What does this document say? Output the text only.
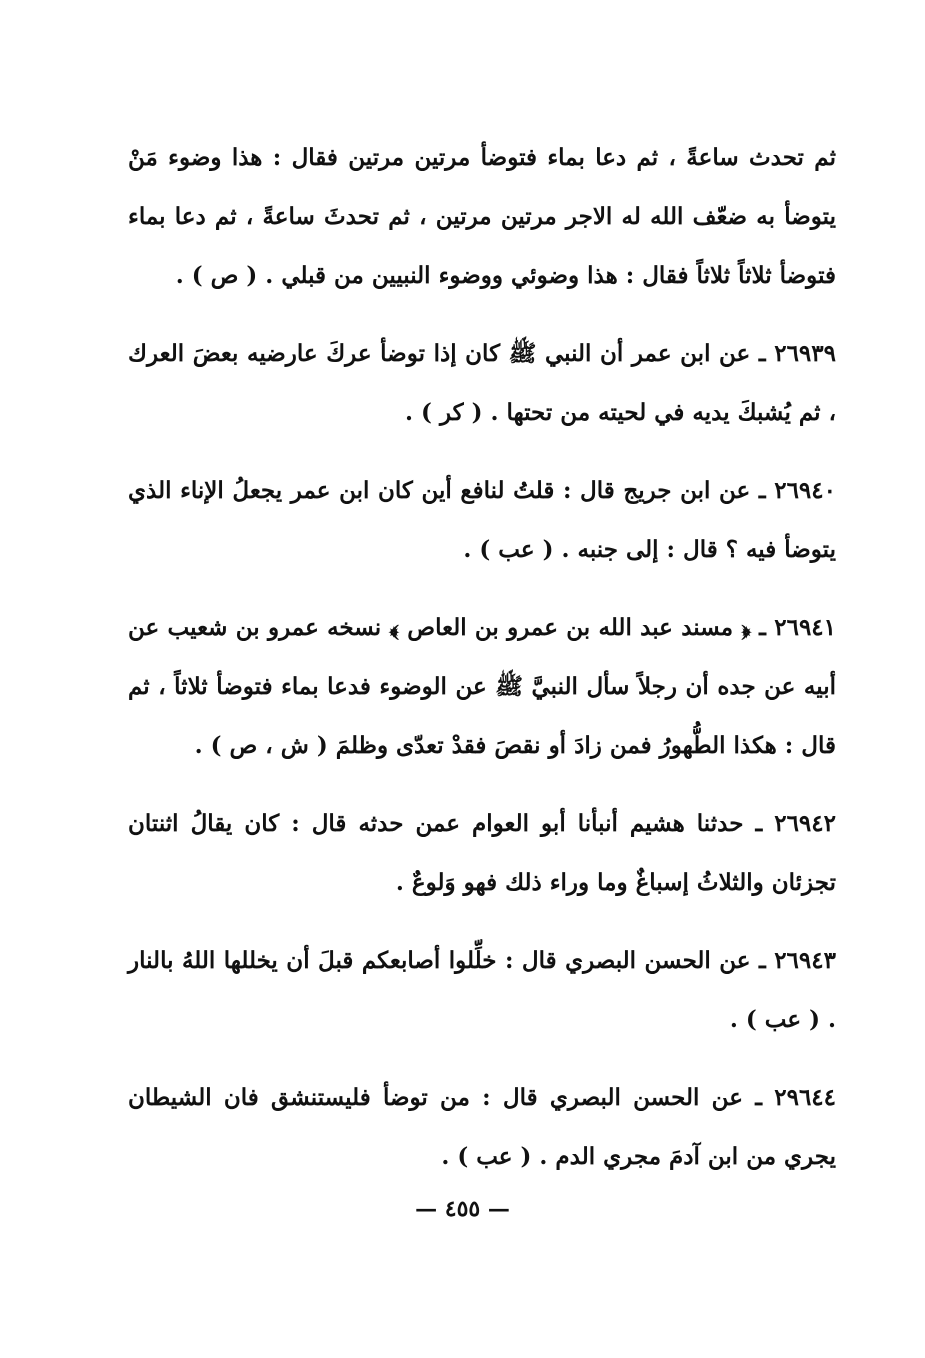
ثم تحدث ساعةً ، ثم دعا بماء فتوضأ مرتين مرتين فقال : هذا وضوء مَنْ يتوضأ به ضعّف الله له الاجر مرتين مرتين ، ثم تحدثَ ساعةً ، ثم دعا بماء فتوضأ ثلاثاً ثلاثاً فقال : هذا وضوئي ووضوء النبيين من قبلي . ( ص ) .

٢٦٩٣٩ ـ عن ابن عمر أن النبي ﷺ كان إذا توضأ عركَ عارضيه بعضَ العرك ، ثم يُشبكَ يديه في لحيته من تحتها . ( كر ) .

٢٦٩٤٠ ـ عن ابن جريج قال : قلتُ لنافع أين كان ابن عمر يجعلُ الإناء الذي يتوضأ فيه ؟ قال : إلى جنبه . ( عب ) .

٢٦٩٤١ ـ ﴿ مسند عبد الله بن عمرو بن العاص ﴾ نسخه عمرو بن شعيب عن أبيه عن جده أن رجلاً سأل النبيَّ ﷺ عن الوضوء فدعا بماء فتوضأ ثلاثاً ، ثم قال : هكذا الطُّهورُ فمن زادَ أو نقصَ فقدْ تعدّى وظلمَ ( ش ، ص ) .

٢٦٩٤٢ ـ حدثنا هشيم أنبأنا أبو العوام عمن حدثه قال : كان يقالُ اثنتان تجزئان والثلاثُ إسباغٌ وما وراء ذلك فهو وَلوعٌ .

٢٦٩٤٣ ـ عن الحسن البصري قال : خلِّلوا أصابعكم قبلَ أن يخللها اللهُ بالنار . ( عب ) .

٢٩٦٤٤ ـ عن الحسن البصري قال : من توضأ فليستنشق فان الشيطان يجري من ابن آدمَ مجري الدم . ( عب ) .

— ٤٥٥ —
